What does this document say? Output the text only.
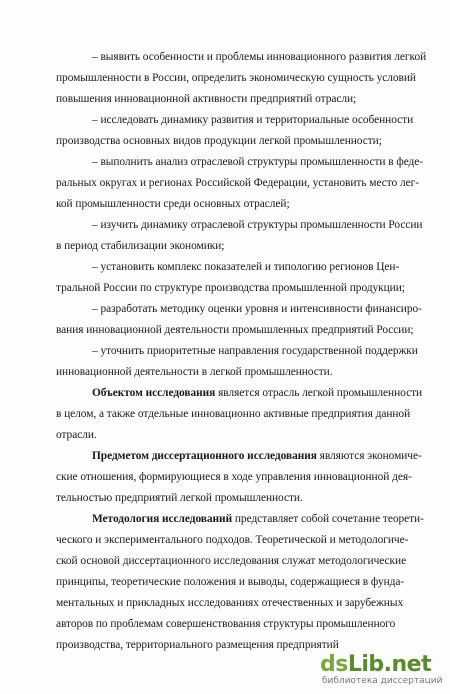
– выявить особенности и проблемы инновационного развития легкой
промышленности в России, определить экономическую сущность условий
повышения инновационной активности предприятий отрасли;
– исследовать динамику развития и территориальные особенности
производства основных видов продукции легкой промышленности;
– выполнить анализ отраслевой структуры промышленности в феде-
ральных округах и регионах Российской Федерации, установить место лег-
кой промышленности среди основных отраслей;
– изучить динамику отраслевой структуры промышленности России
в период стабилизации экономики;
– установить комплекс показателей и типологию регионов Цен-
тральной России по структуре производства промышленной продукции;
– разработать методику оценки уровня и интенсивности финансиро-
вания инновационной деятельности промышленных предприятий России;
– уточнить приоритетные направления государственной поддержки
инновационной деятельности в легкой промышленности.
Объектом исследования является отрасль легкой промышленности
в целом, а также отдельные инновационно активные предприятия данной
отрасли.
Предметом диссертационного исследования являются экономиче-
ские отношения, формирующиеся в ходе управления инновационной дея-
тельностью предприятий легкой промышленности.
Методология исследований представляет собой сочетание теорети-
ческого и экспериментального подходов. Теоретической и методологиче-
ской основой диссертационного исследования служат методологические
принципы, теоретические положения и выводы, содержащиеся в фунда-
ментальных и прикладных исследованиях отечественных и зарубежных
авторов по проблемам совершенствования структуры промышленного
производства, территориального размещения предприятий
dsLib.net
библиотека диссертаций
